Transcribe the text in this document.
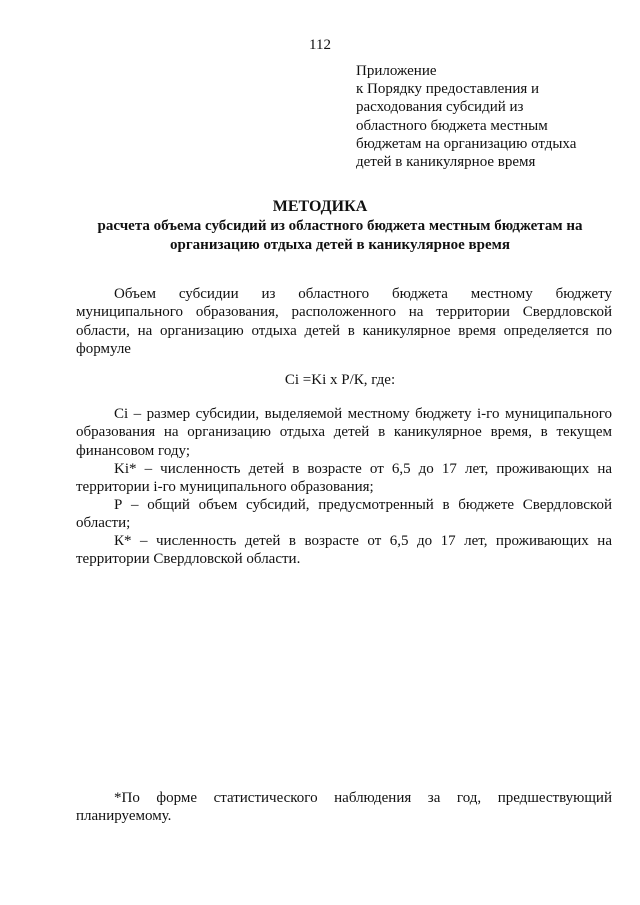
112
Приложение
к Порядку предоставления и
расходования субсидий из
областного бюджета местным
бюджетам на организацию отдыха
детей в каникулярное время
МЕТОДИКА
расчета объема субсидий из областного бюджета местным бюджетам на
организацию отдыха детей в каникулярное время
Объем субсидии из областного бюджета местному бюджету
муниципального образования, расположенного на территории Свердловской
области, на организацию отдыха детей в каникулярное время определяется по
формуле
Ci =Ki x Р/К, где:
Ci – размер субсидии, выделяемой местному бюджету i-го муниципального
образования на организацию отдыха детей в каникулярное время, в текущем
финансовом году;
Ki* – численность детей в возрасте от 6,5 до 17 лет, проживающих на
территории i-го муниципального образования;
Р – общий объем субсидий, предусмотренный в бюджете Свердловской
области;
К* – численность детей в возрасте от 6,5 до 17 лет, проживающих на
территории Свердловской области.
*По форме статистического наблюдения за год, предшествующий
планируемому.
